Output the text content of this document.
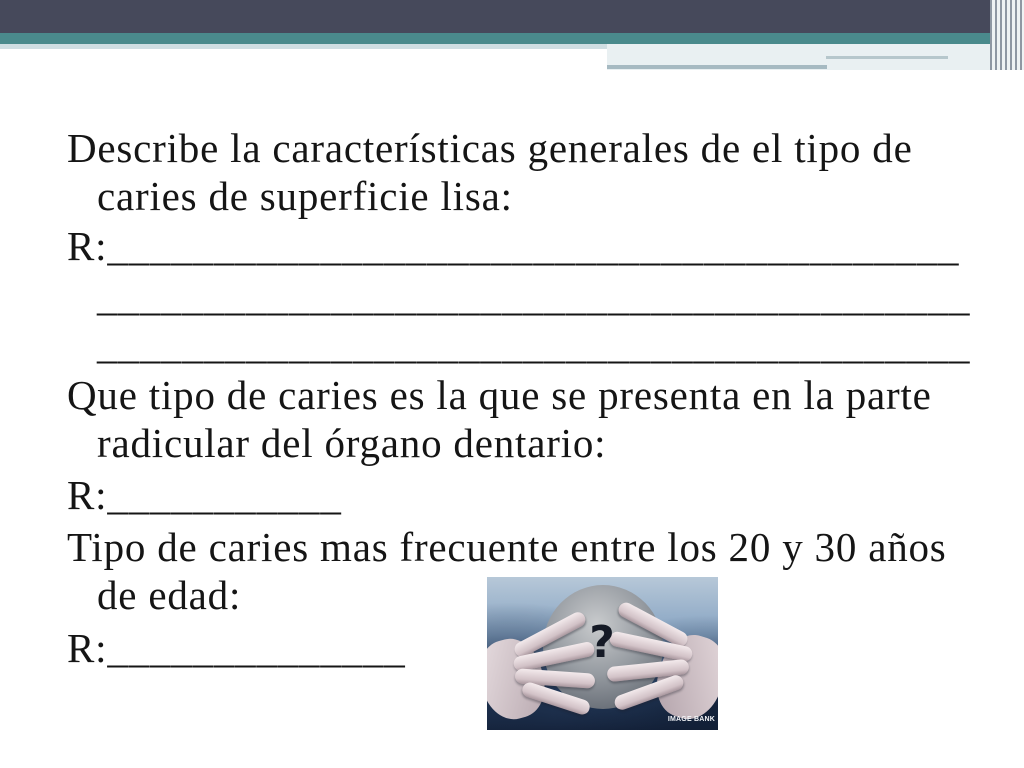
Describe la características generales de el tipo de
caries de superficie lisa:
R:________________________________________
_________________________________________
_________________________________________
Que tipo de caries es la que se presenta en la parte
radicular del órgano dentario:
R:___________
Tipo de caries mas frecuente entre los 20 y 30 años
de edad:
R:______________	?
IMAGE BANK
